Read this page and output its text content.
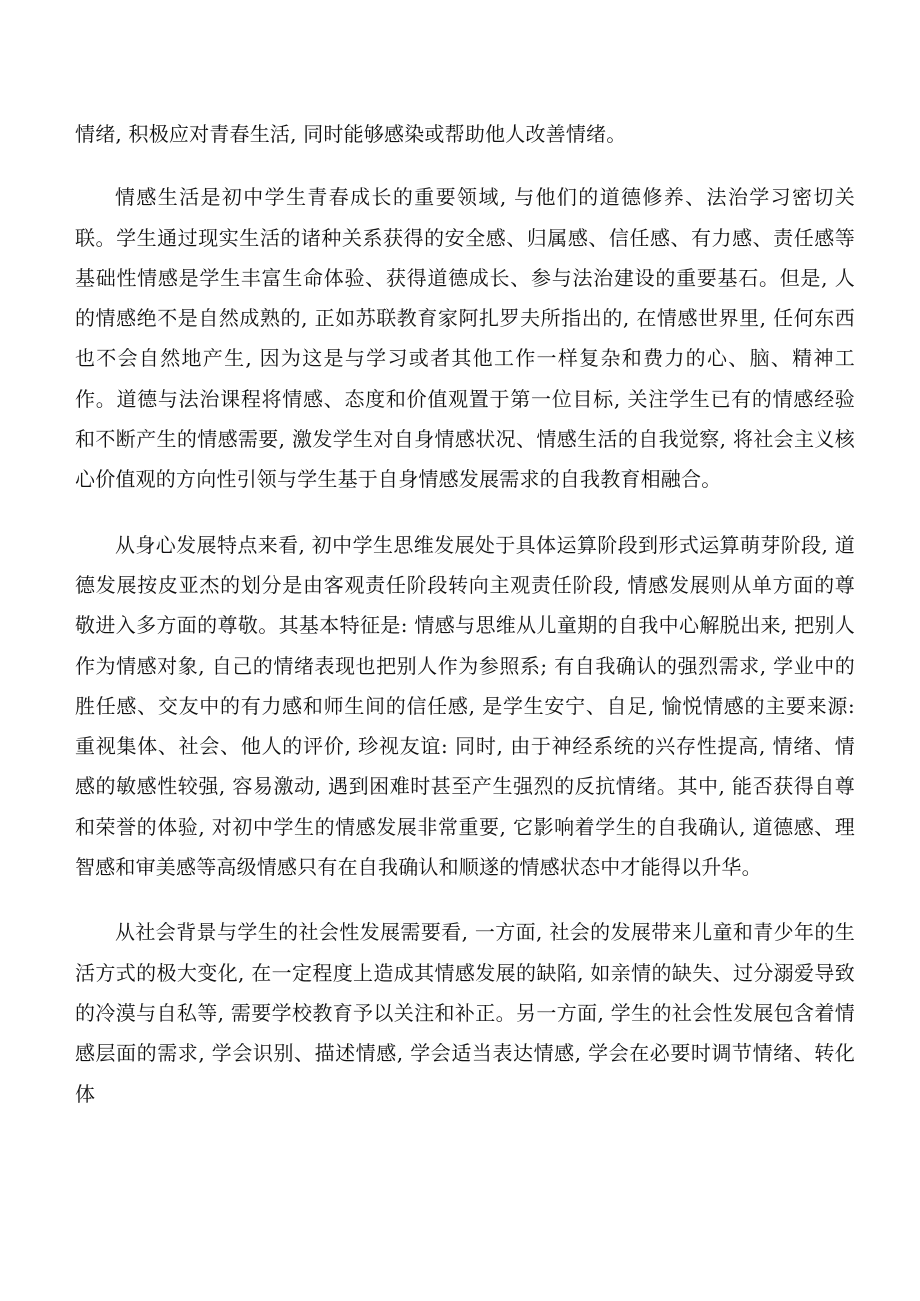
情绪, 积极应对青春生活, 同时能够感染或帮助他人改善情绪。

情感生活是初中学生青春成长的重要领域, 与他们的道德修养、法治学习密切关联。学生通过现实生活的诸种关系获得的安全感、归属感、信任感、有力感、责任感等基础性情感是学生丰富生命体验、获得道德成长、参与法治建设的重要基石。但是, 人的情感绝不是自然成熟的, 正如苏联教育家阿扎罗夫所指出的, 在情感世界里, 任何东西也不会自然地产生, 因为这是与学习或者其他工作一样复杂和费力的心、脑、精神工作。道德与法治课程将情感、态度和价值观置于第一位目标, 关注学生已有的情感经验和不断产生的情感需要, 激发学生对自身情感状况、情感生活的自我觉察, 将社会主义核心价值观的方向性引领与学生基于自身情感发展需求的自我教育相融合。

从身心发展特点来看, 初中学生思维发展处于具体运算阶段到形式运算萌芽阶段, 道德发展按皮亚杰的划分是由客观责任阶段转向主观责任阶段, 情感发展则从单方面的尊敬进入多方面的尊敬。其基本特征是: 情感与思维从儿童期的自我中心解脱出来, 把别人作为情感对象, 自己的情绪表现也把别人作为参照系; 有自我确认的强烈需求, 学业中的胜任感、交友中的有力感和师生间的信任感, 是学生安宁、自足, 愉悦情感的主要来源: 重视集体、社会、他人的评价, 珍视友谊: 同时, 由于神经系统的兴存性提高, 情绪、情感的敏感性较强, 容易激动, 遇到困难时甚至产生强烈的反抗情绪。其中, 能否获得自尊和荣誉的体验, 对初中学生的情感发展非常重要, 它影响着学生的自我确认, 道德感、理智感和审美感等高级情感只有在自我确认和顺遂的情感状态中才能得以升华。

从社会背景与学生的社会性发展需要看, 一方面, 社会的发展带来儿童和青少年的生活方式的极大变化, 在一定程度上造成其情感发展的缺陷, 如亲情的缺失、过分溺爱导致的冷漠与自私等, 需要学校教育予以关注和补正。另一方面, 学生的社会性发展包含着情感层面的需求, 学会识别、描述情感, 学会适当表达情感, 学会在必要时调节情绪、转化体
